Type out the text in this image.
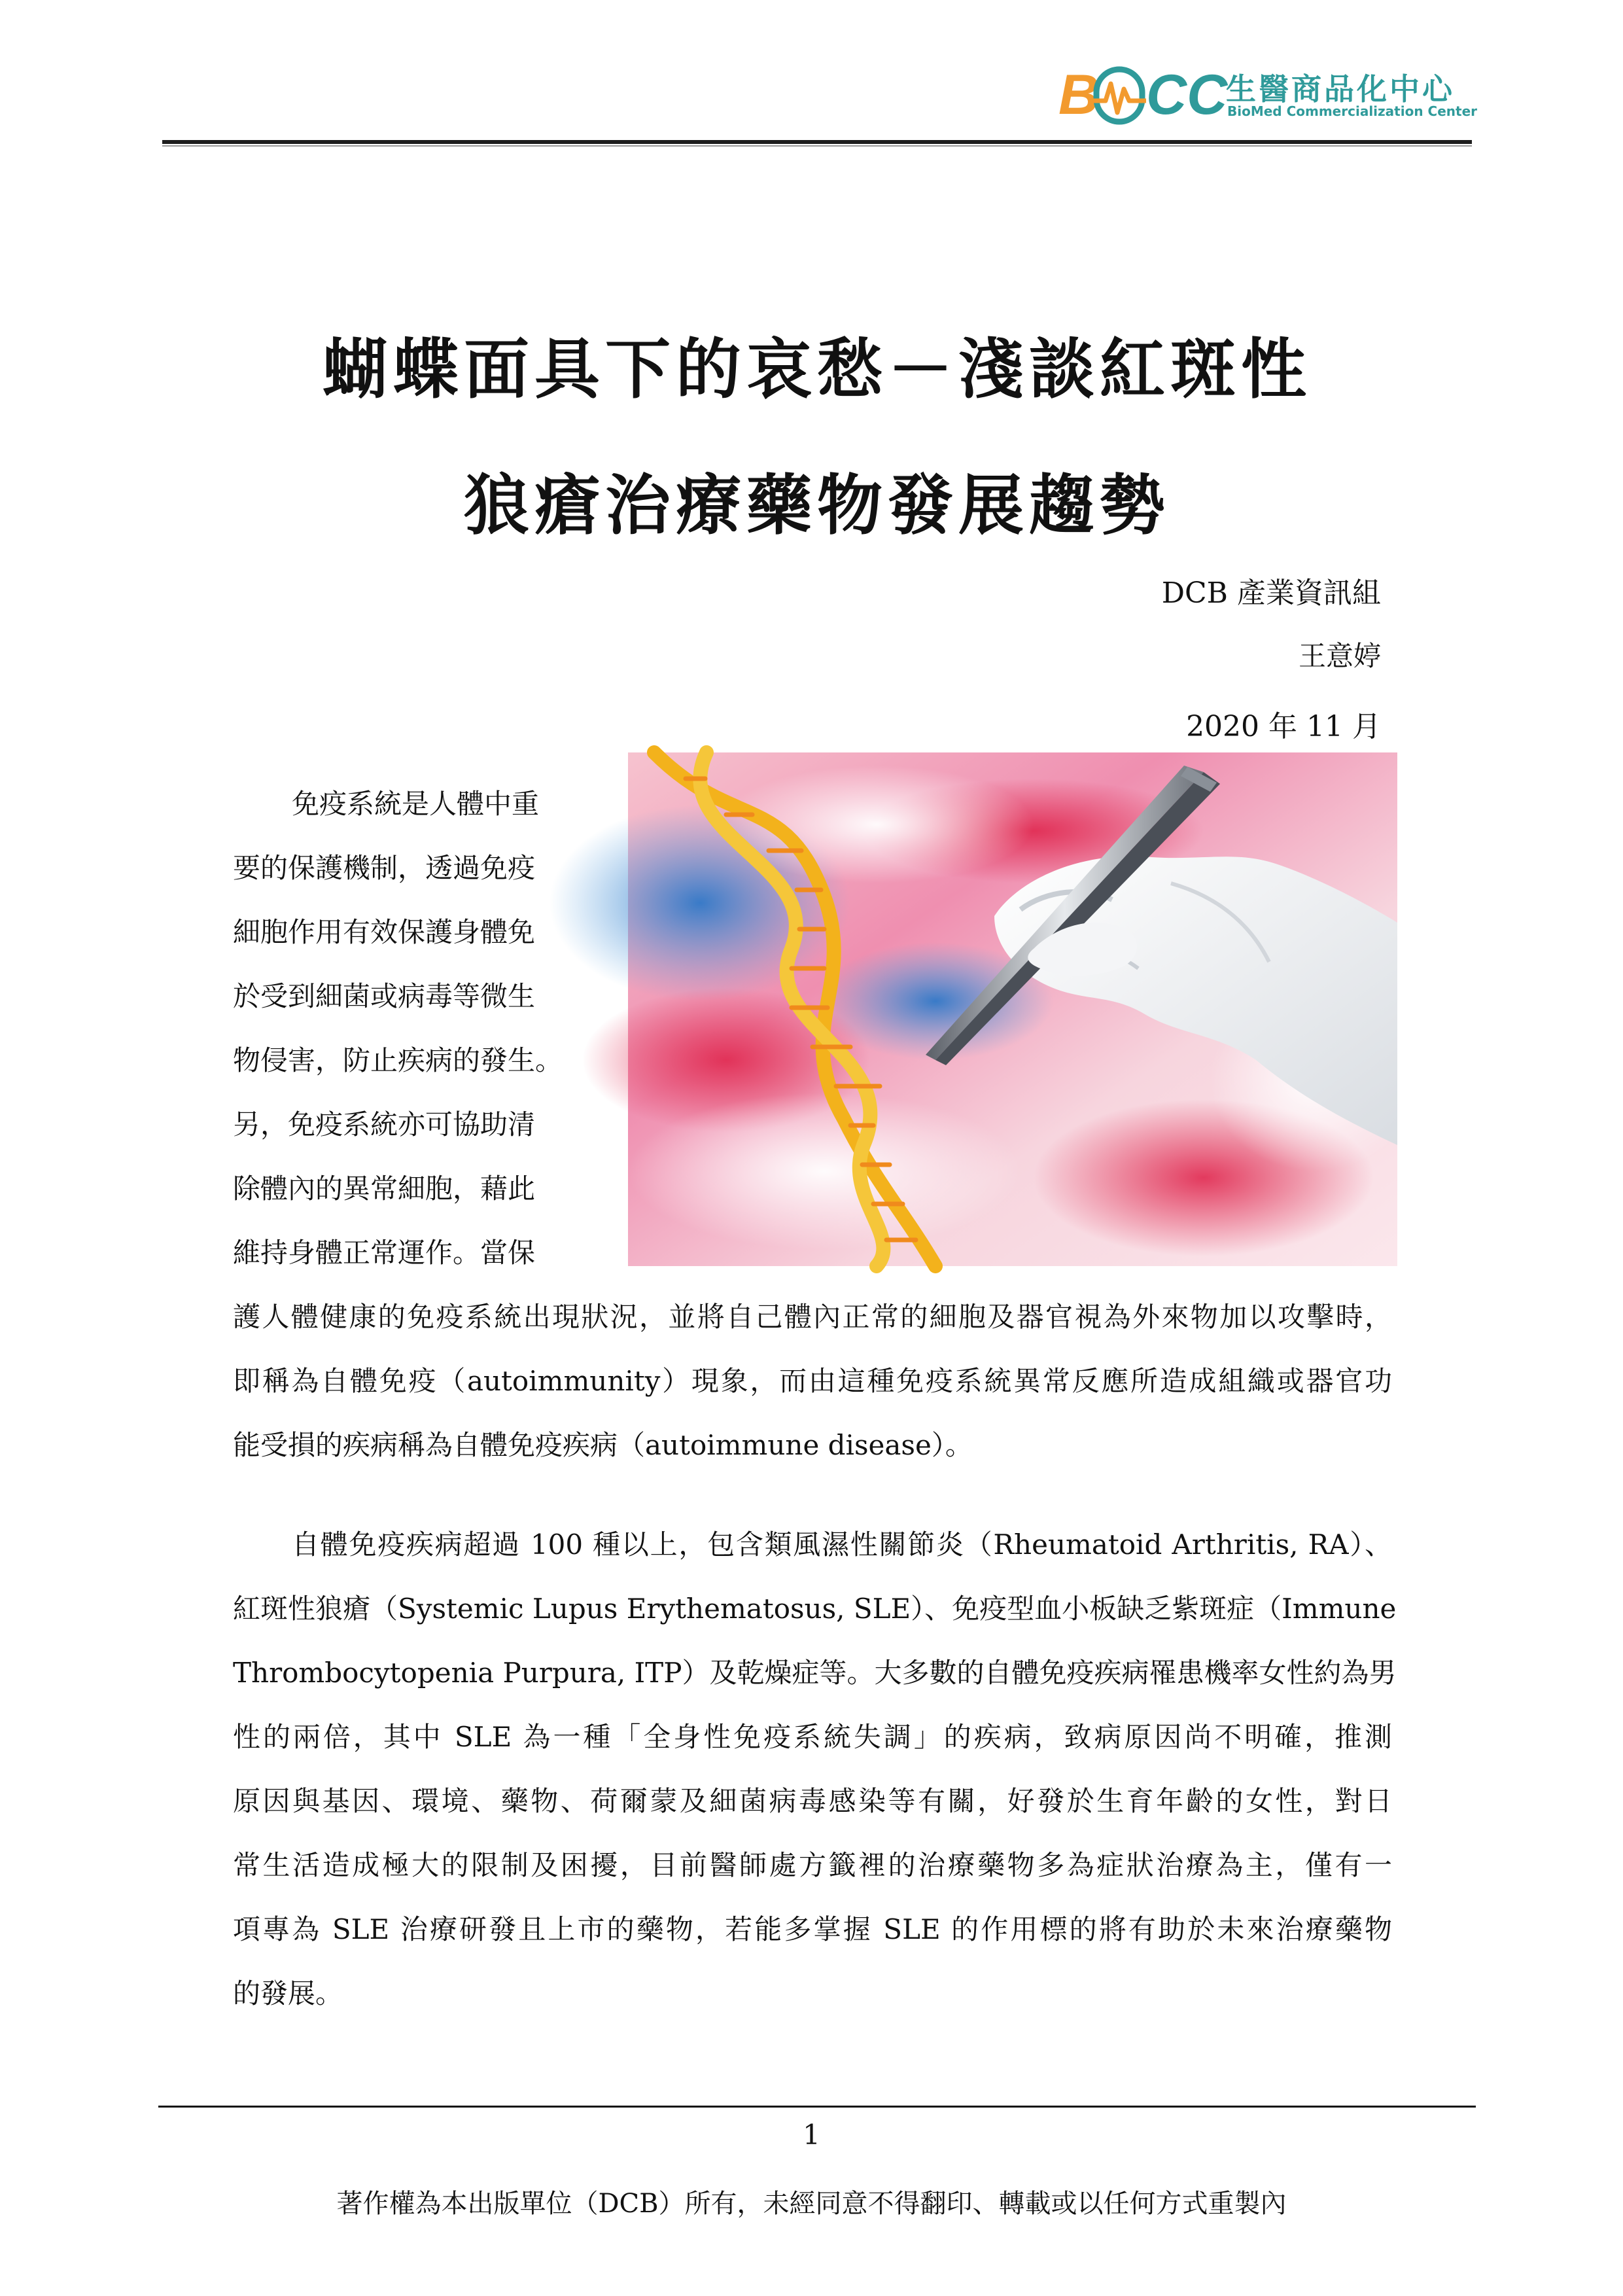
B CC
生醫商品化中心
BioMed Commercialization Center
蝴蝶面具下的哀愁－淺談紅斑性
狼瘡治療藥物發展趨勢
DCB 產業資訊組
王意婷
2020 年 11 月
免疫系統是人體中重
要的保護機制，透過免疫
細胞作用有效保護身體免
於受到細菌或病毒等微生
物侵害，防止疾病的發生。
另，免疫系統亦可協助清
除體內的異常細胞，藉此
維持身體正常運作。當保
護人體健康的免疫系統出現狀況，並將自己體內正常的細胞及器官視為外來物加以攻擊時，
即稱為自體免疫（autoimmunity）現象，而由這種免疫系統異常反應所造成組織或器官功
能受損的疾病稱為自體免疫疾病（autoimmune disease）。
自體免疫疾病超過 100 種以上，包含類風濕性關節炎（Rheumatoid Arthritis, RA）、
紅斑性狼瘡（Systemic Lupus Erythematosus, SLE）、免疫型血小板缺乏紫斑症（Immune
Thrombocytopenia Purpura, ITP）及乾燥症等。大多數的自體免疫疾病罹患機率女性約為男
性的兩倍，其中 SLE 為一種「全身性免疫系統失調」的疾病，致病原因尚不明確，推測
原因與基因、環境、藥物、荷爾蒙及細菌病毒感染等有關，好發於生育年齡的女性，對日
常生活造成極大的限制及困擾，目前醫師處方籤裡的治療藥物多為症狀治療為主，僅有一
項專為 SLE 治療研發且上市的藥物，若能多掌握 SLE 的作用標的將有助於未來治療藥物
的發展。
1
著作權為本出版單位（DCB）所有，未經同意不得翻印、轉載或以任何方式重製內
